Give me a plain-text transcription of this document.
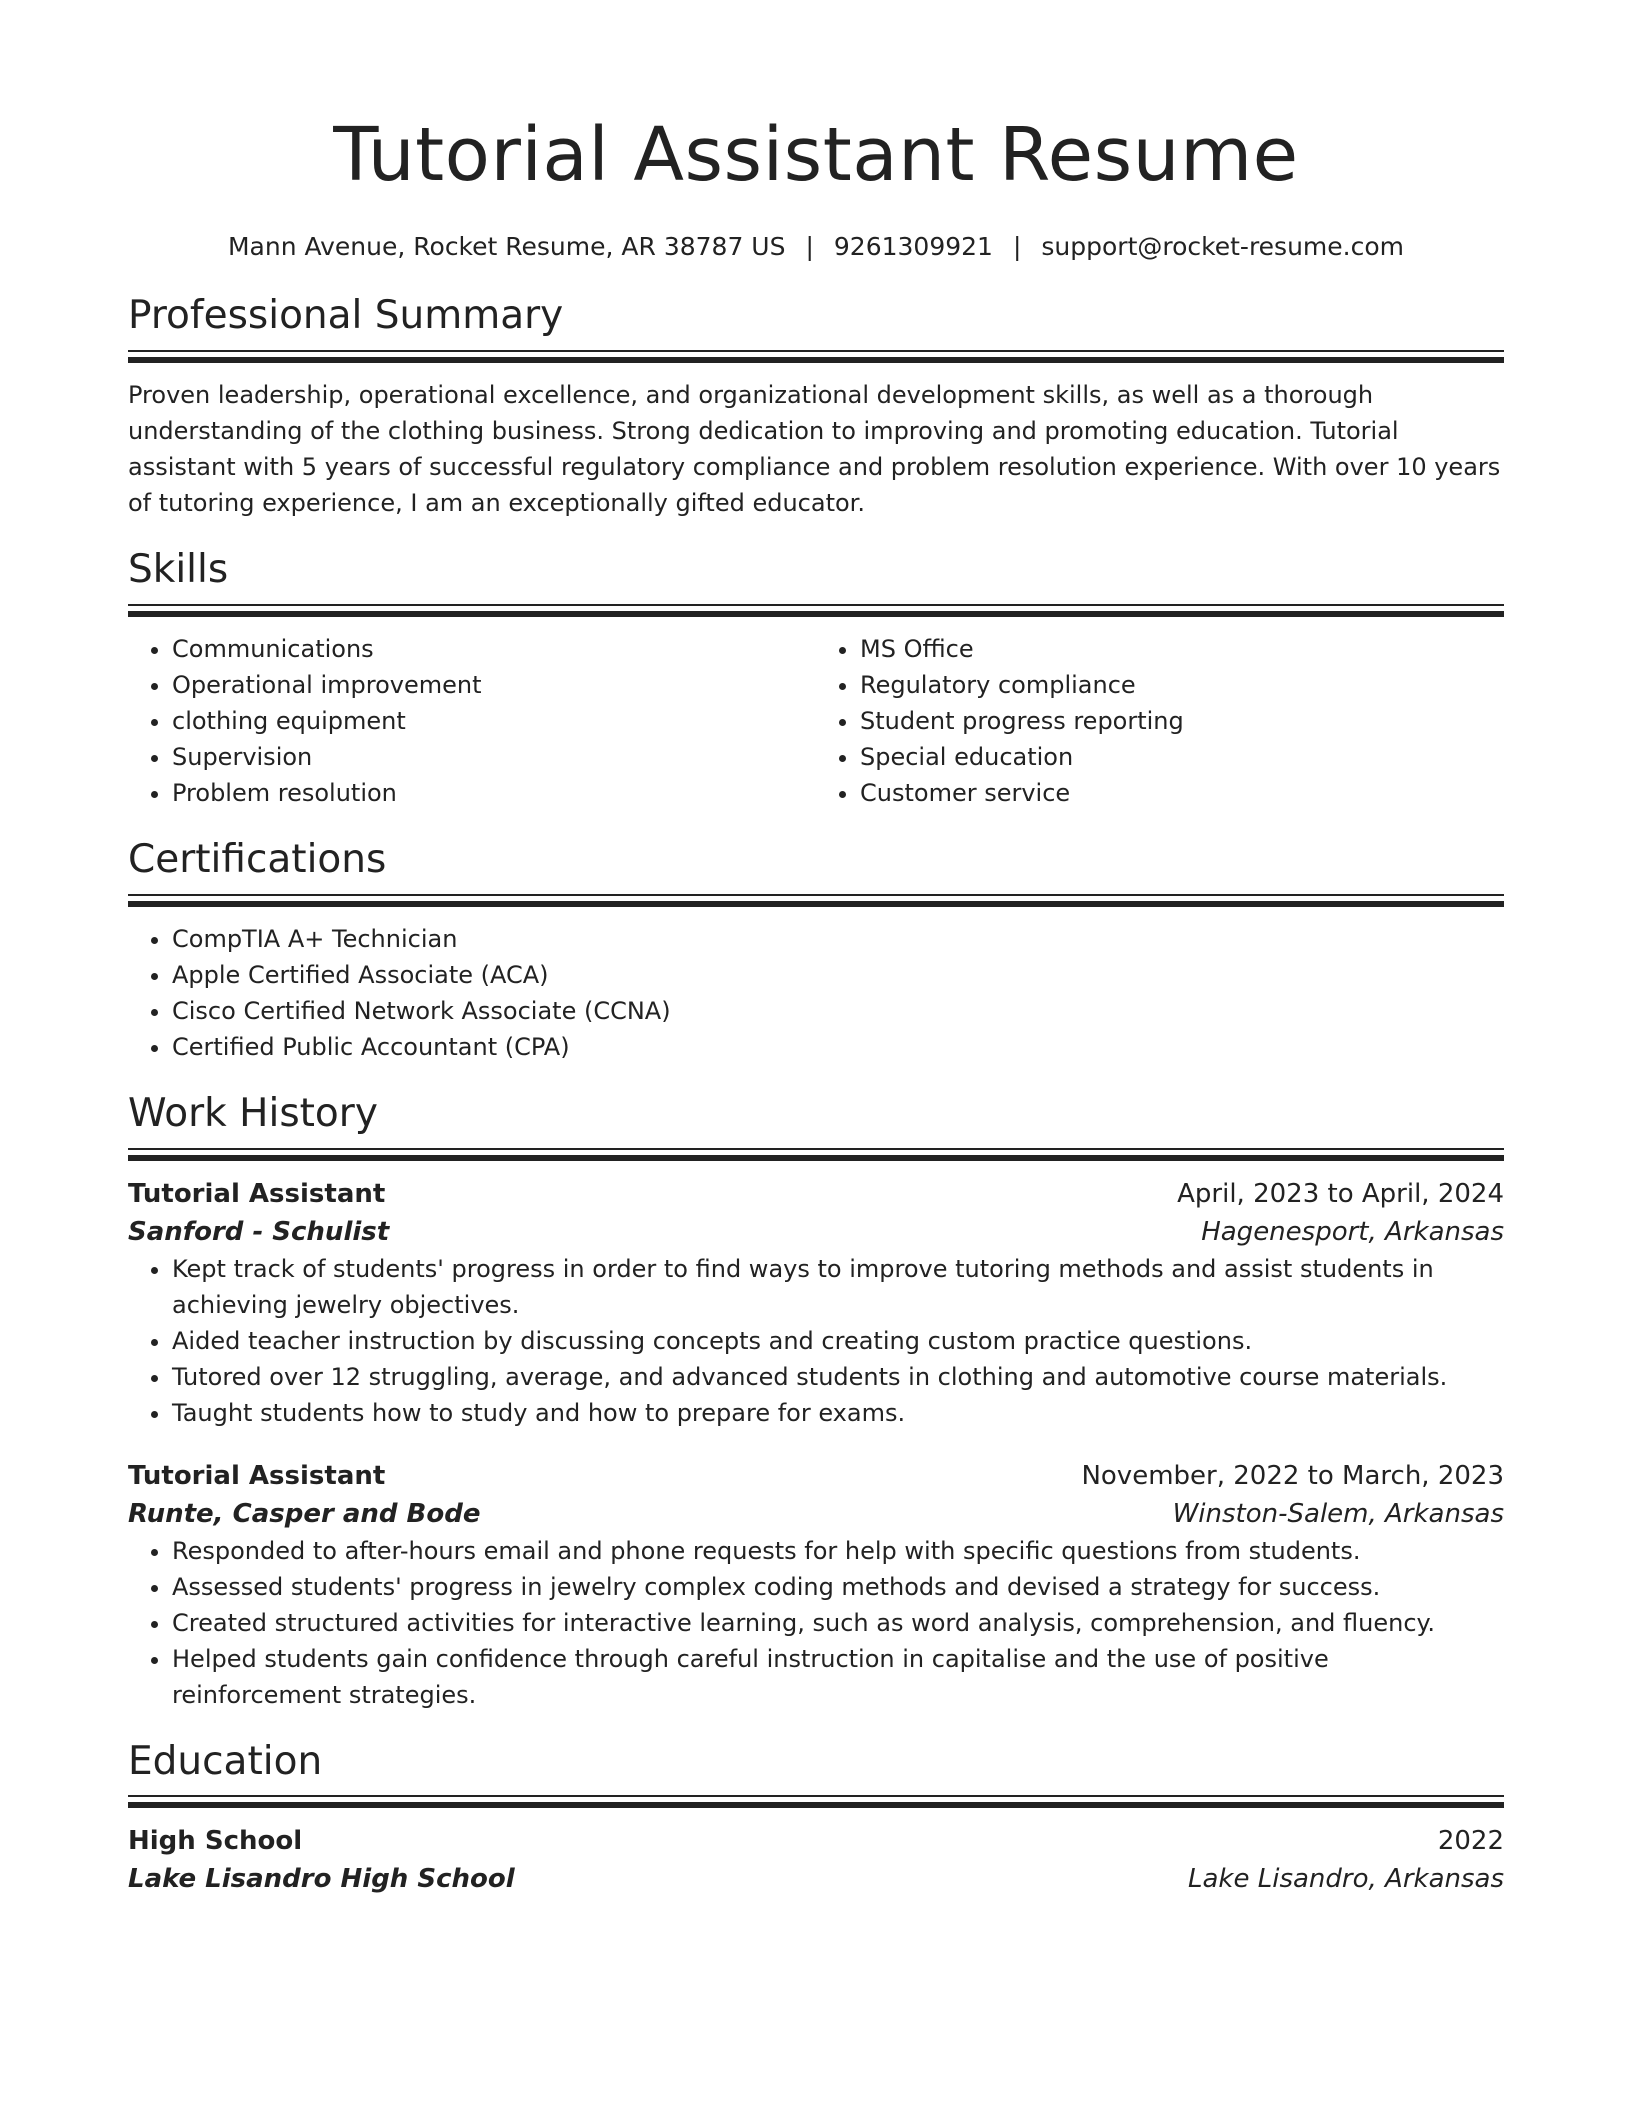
Tutorial Assistant Resume
Mann Avenue, Rocket Resume, AR 38787 US | 9261309921 | support@rocket-resume.com
Professional Summary
Proven leadership, operational excellence, and organizational development skills, as well as a thorough understanding of the clothing business. Strong dedication to improving and promoting education. Tutorial assistant with 5 years of successful regulatory compliance and problem resolution experience. With over 10 years of tutoring experience, I am an exceptionally gifted educator.
Skills
• Communications
• Operational improvement
• clothing equipment
• Supervision
• Problem resolution
• MS Office
• Regulatory compliance
• Student progress reporting
• Special education
• Customer service
Certifications
• CompTIA A+ Technician
• Apple Certified Associate (ACA)
• Cisco Certified Network Associate (CCNA)
• Certified Public Accountant (CPA)
Work History
Tutorial Assistant	April, 2023 to April, 2024
Sanford - Schulist	Hagenesport, Arkansas
• Kept track of students' progress in order to find ways to improve tutoring methods and assist students in achieving jewelry objectives.
• Aided teacher instruction by discussing concepts and creating custom practice questions.
• Tutored over 12 struggling, average, and advanced students in clothing and automotive course materials.
• Taught students how to study and how to prepare for exams.
Tutorial Assistant	November, 2022 to March, 2023
Runte, Casper and Bode	Winston-Salem, Arkansas
• Responded to after-hours email and phone requests for help with specific questions from students.
• Assessed students' progress in jewelry complex coding methods and devised a strategy for success.
• Created structured activities for interactive learning, such as word analysis, comprehension, and fluency.
• Helped students gain confidence through careful instruction in capitalise and the use of positive reinforcement strategies.
Education
High School	2022
Lake Lisandro High School	Lake Lisandro, Arkansas
